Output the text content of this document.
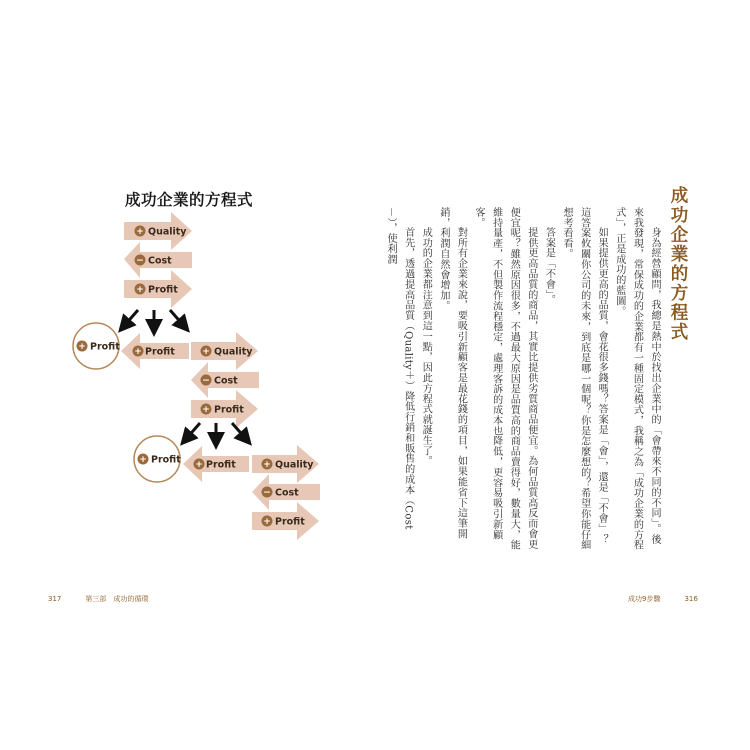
成功企業的方程式
+ Quality
− Cost
+ Profit
+ Profit + Profit	+ Quality
− Cost
+ Profit
+ Profit + Profit	+ Quality
− Cost
+ Profit
317	第三部　成功的循環
成功企業的方程式

身為經營顧問，我總是熱中於找出企業中的「會帶來不同的不同」。後來我發現，常保成功的企業都有一種固定模式，我稱之為「成功企業的方程式」，正是成功的藍圖。

如果提供更高的品質，會花很多錢嗎？答案是「會」，還是「不會」？這答案攸關你公司的未來，到底是哪一個呢？你是怎麼想的？希望你能仔細想考看看。

答案是「不會」。

提供更高品質的商品，其實比提供劣質商品便宜。為何品質高反而會更便宜呢？雖然原因很多，不過最大原因是品質高的商品賣得好，數量大，能維持量產，不但製作流程穩定，處理客訴的成本也降低，更容易吸引新顧客。

對所有企業來說，要吸引新顧客是最花錢的項目，如果能省下這筆開銷，利潤自然會增加。

成功的企業都注意到這一點，因此方程式就誕生了。

首先，透過提高品質（Quality＋）降低行銷和販售的成本（Cost－），使利潤

成功9步驟	316
